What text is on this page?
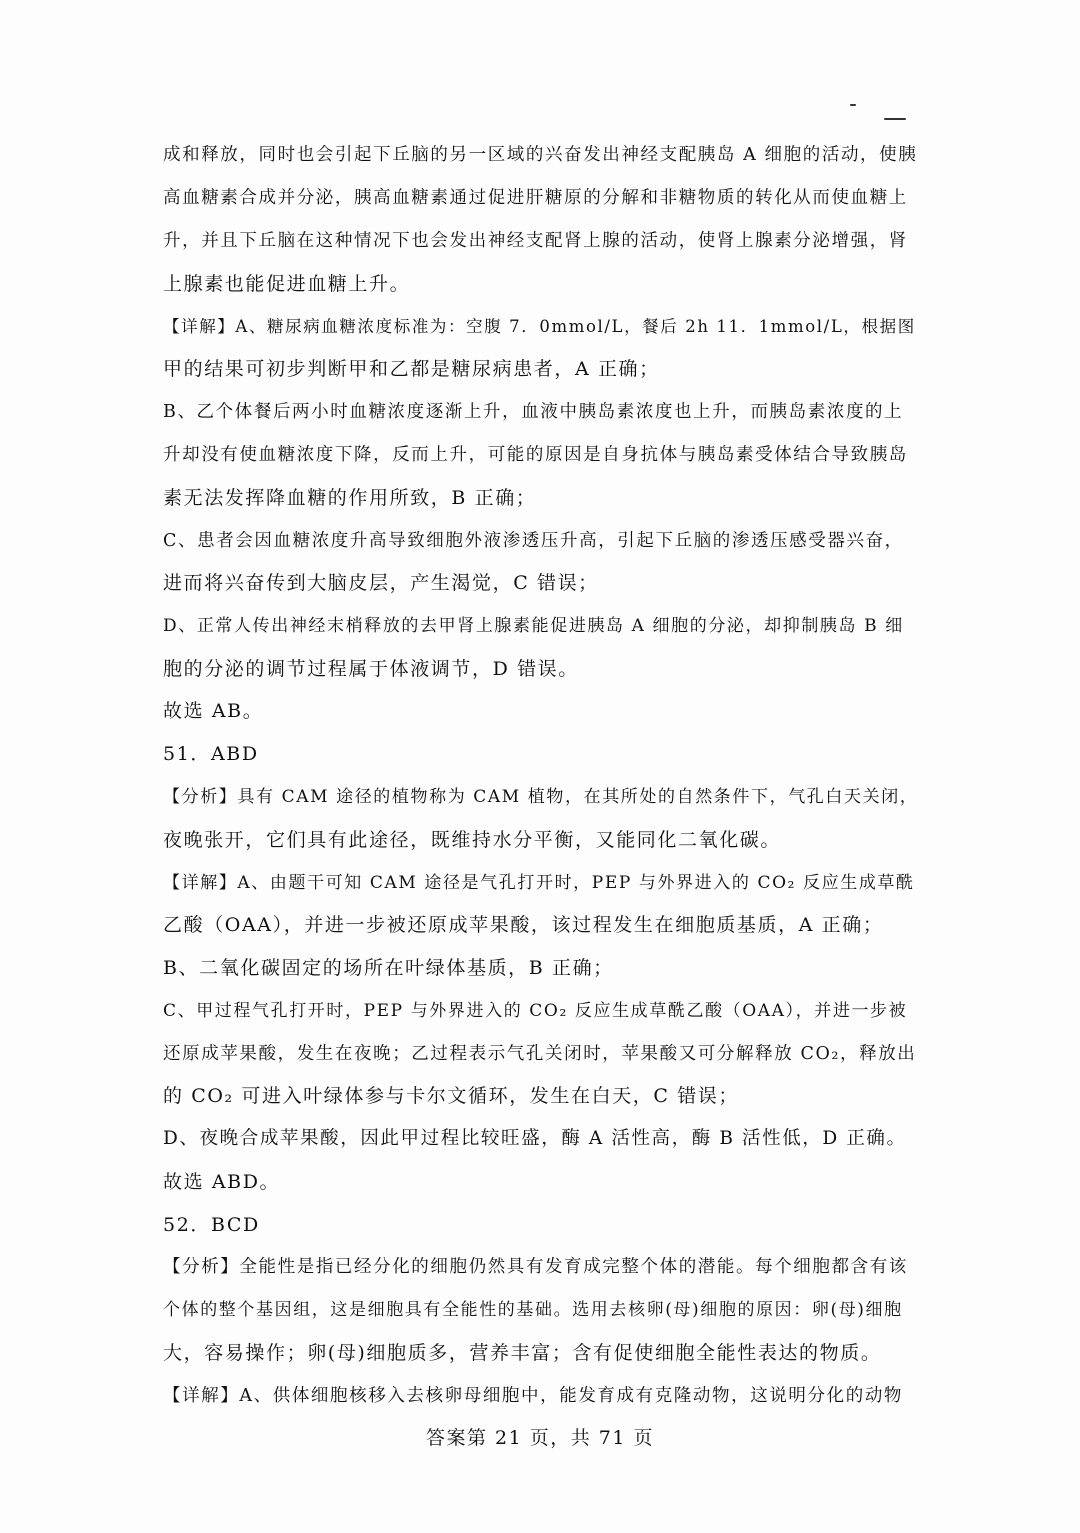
成和释放，同时也会引起下丘脑的另一区域的兴奋发出神经支配胰岛 A 细胞的活动，使胰
高血糖素合成并分泌，胰高血糖素通过促进肝糖原的分解和非糖物质的转化从而使血糖上
升，并且下丘脑在这种情况下也会发出神经支配肾上腺的活动，使肾上腺素分泌增强，肾
上腺素也能促进血糖上升。
【详解】A、糖尿病血糖浓度标准为：空腹 7．0mmol/L，餐后 2h 11．1mmol/L，根据图
甲的结果可初步判断甲和乙都是糖尿病患者，A 正确；
B、乙个体餐后两小时血糖浓度逐渐上升，血液中胰岛素浓度也上升，而胰岛素浓度的上
升却没有使血糖浓度下降，反而上升，可能的原因是自身抗体与胰岛素受体结合导致胰岛
素无法发挥降血糖的作用所致，B 正确；
C、患者会因血糖浓度升高导致细胞外液渗透压升高，引起下丘脑的渗透压感受器兴奋，
进而将兴奋传到大脑皮层，产生渴觉，C 错误；
D、正常人传出神经末梢释放的去甲肾上腺素能促进胰岛 A 细胞的分泌，却抑制胰岛 B 细
胞的分泌的调节过程属于体液调节，D 错误。
故选 AB。
51．ABD
【分析】具有 CAM 途径的植物称为 CAM 植物，在其所处的自然条件下，气孔白天关闭，
夜晚张开，它们具有此途径，既维持水分平衡，又能同化二氧化碳。
【详解】A、由题干可知 CAM 途径是气孔打开时，PEP 与外界进入的 CO₂ 反应生成草酰
乙酸（OAA），并进一步被还原成苹果酸，该过程发生在细胞质基质，A 正确；
B、二氧化碳固定的场所在叶绿体基质，B 正确；
C、甲过程气孔打开时，PEP 与外界进入的 CO₂ 反应生成草酰乙酸（OAA），并进一步被
还原成苹果酸，发生在夜晚；乙过程表示气孔关闭时，苹果酸又可分解释放 CO₂，释放出
的 CO₂ 可进入叶绿体参与卡尔文循环，发生在白天，C 错误；
D、夜晚合成苹果酸，因此甲过程比较旺盛，酶 A 活性高，酶 B 活性低，D 正确。
故选 ABD。
52．BCD
【分析】全能性是指已经分化的细胞仍然具有发育成完整个体的潜能。每个细胞都含有该
个体的整个基因组，这是细胞具有全能性的基础。选用去核卵(母)细胞的原因：卵(母)细胞
大，容易操作；卵(母)细胞质多，营养丰富；含有促使细胞全能性表达的物质。
【详解】A、供体细胞核移入去核卵母细胞中，能发育成有克隆动物，这说明分化的动物
答案第 21 页，共 71 页
